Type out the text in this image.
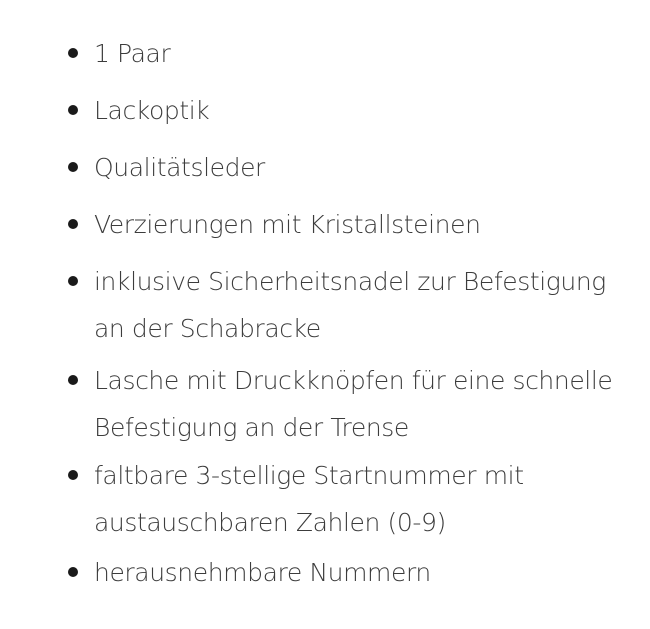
1 Paar
Lackoptik
Qualitätsleder
Verzierungen mit Kristallsteinen
inklusive Sicherheitsnadel zur Befestigung
an der Schabracke
Lasche mit Druckknöpfen für eine schnelle
Befestigung an der Trense
faltbare 3-stellige Startnummer mit
austauschbaren Zahlen (0-9)
herausnehmbare Nummern
